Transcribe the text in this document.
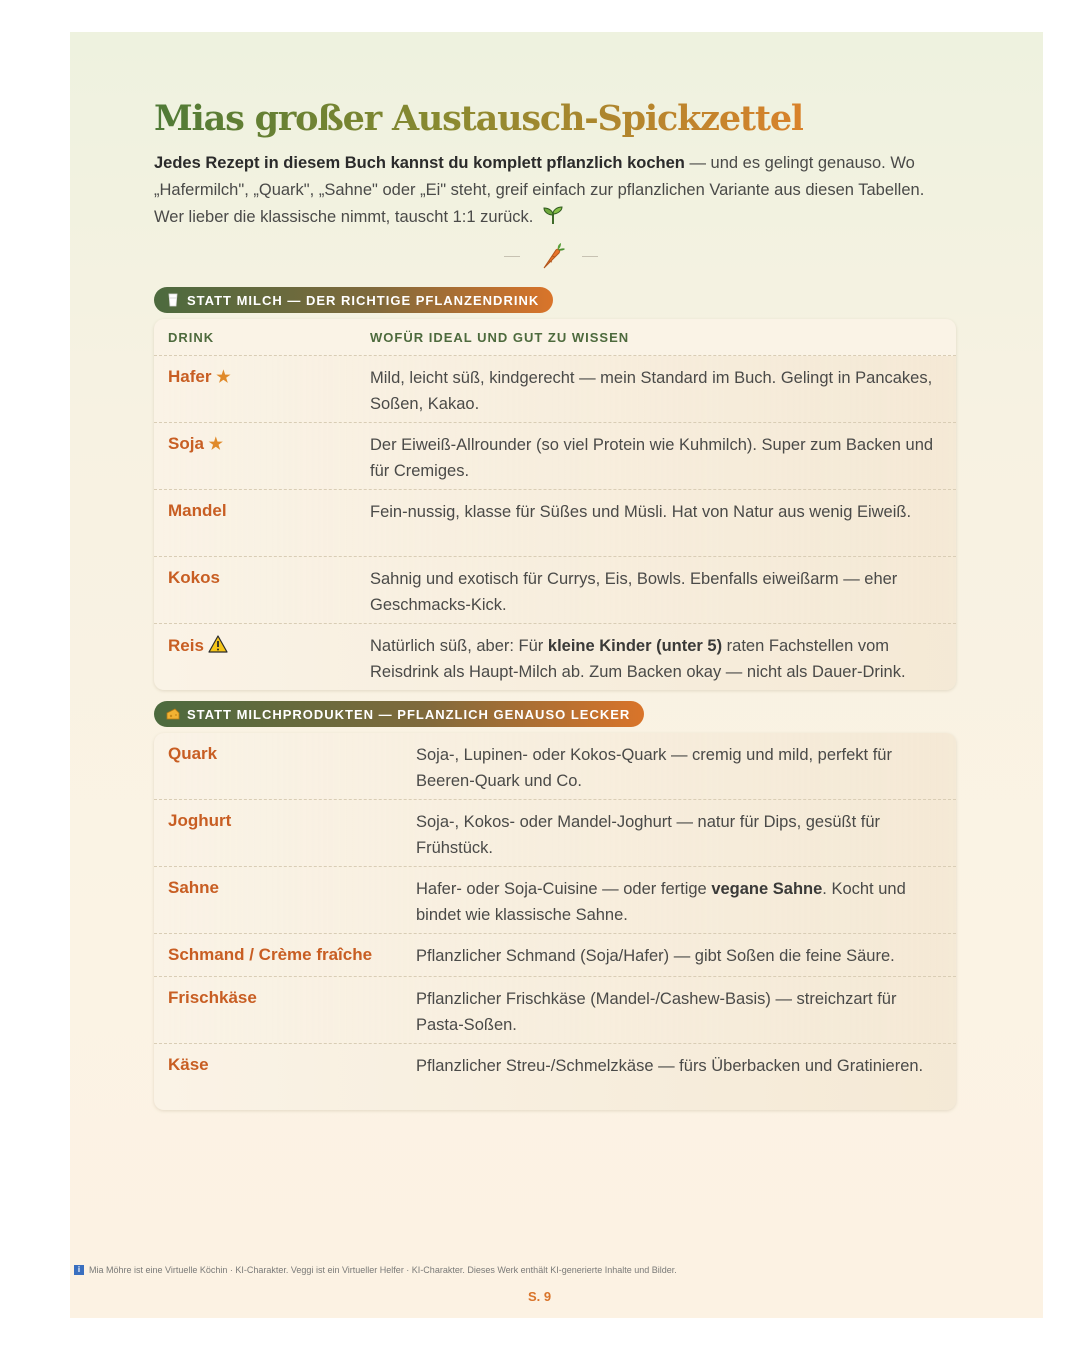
Mias großer Austausch-Spickzettel
Jedes Rezept in diesem Buch kannst du komplett pflanzlich kochen — und es gelingt genauso. Wo „Hafermilch", „Quark", „Sahne" oder „Ei" steht, greif einfach zur pflanzlichen Variante aus diesen Tabellen. Wer lieber die klassische nimmt, tauscht 1:1 zurück.
STATT MILCH — DER RICHTIGE PFLANZENDRINK
DRINK	WOFÜR IDEAL UND GUT ZU WISSEN
Hafer ★	Mild, leicht süß, kindgerecht — mein Standard im Buch. Gelingt in Pancakes, Soßen, Kakao.
Soja ★	Der Eiweiß-Allrounder (so viel Protein wie Kuhmilch). Super zum Backen und für Cremiges.
Mandel	Fein-nussig, klasse für Süßes und Müsli. Hat von Natur aus wenig Eiweiß.
Kokos	Sahnig und exotisch für Currys, Eis, Bowls. Ebenfalls eiweißarm — eher Geschmacks-Kick.
Reis	Natürlich süß, aber: Für kleine Kinder (unter 5) raten Fachstellen vom Reisdrink als Haupt-Milch ab. Zum Backen okay — nicht als Dauer-Drink.
STATT MILCHPRODUKTEN — PFLANZLICH GENAUSO LECKER
Quark	Soja-, Lupinen- oder Kokos-Quark — cremig und mild, perfekt für Beeren-Quark und Co.
Joghurt	Soja-, Kokos- oder Mandel-Joghurt — natur für Dips, gesüßt für Frühstück.
Sahne	Hafer- oder Soja-Cuisine — oder fertige vegane Sahne. Kocht und bindet wie klassische Sahne.
Schmand / Crème fraîche	Pflanzlicher Schmand (Soja/Hafer) — gibt Soßen die feine Säure.
Frischkäse	Pflanzlicher Frischkäse (Mandel-/Cashew-Basis) — streichzart für Pasta-Soßen.
Käse	Pflanzlicher Streu-/Schmelzkäse — fürs Überbacken und Gratinieren.
i Mia Möhre ist eine Virtuelle Köchin · KI-Charakter. Veggi ist ein Virtueller Helfer · KI-Charakter. Dieses Werk enthält KI-generierte Inhalte und Bilder.
S. 9
